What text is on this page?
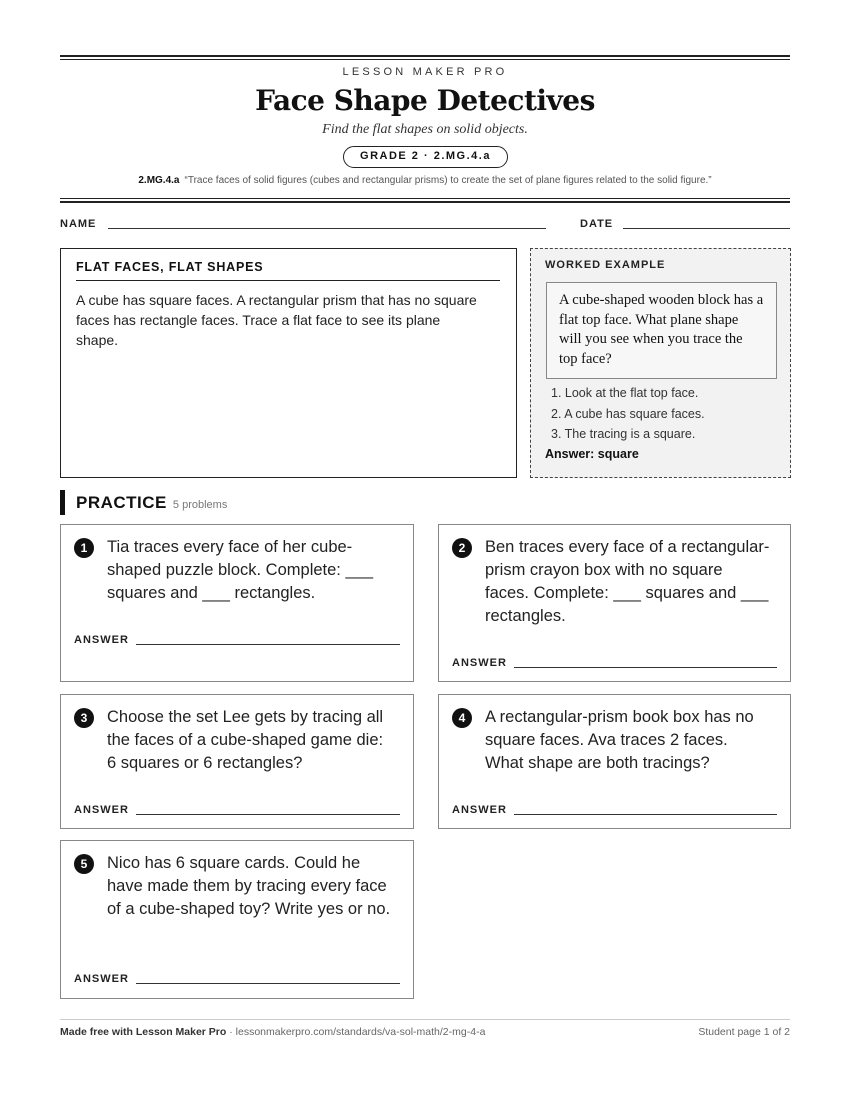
LESSON MAKER PRO
Face Shape Detectives
Find the flat shapes on solid objects.
GRADE 2 · 2.MG.4.a
2.MG.4.a “Trace faces of solid figures (cubes and rectangular prisms) to create the set of plane figures related to the solid figure.”
NAME	DATE
FLAT FACES, FLAT SHAPES
A cube has square faces. A rectangular prism that has no square faces has rectangle faces. Trace a flat face to see its plane shape.
WORKED EXAMPLE
A cube-shaped wooden block has a flat top face. What plane shape will you see when you trace the top face?
1. Look at the flat top face.
2. A cube has square faces.
3. The tracing is a square.
Answer: square
PRACTICE 5 problems
1	Tia traces every face of her cube-shaped puzzle block. Complete: ___ squares and ___ rectangles.
ANSWER
2	Ben traces every face of a rectangular-prism crayon box with no square faces. Complete: ___ squares and ___ rectangles.
ANSWER
3	Choose the set Lee gets by tracing all the faces of a cube-shaped game die: 6 squares or 6 rectangles?
ANSWER
4	A rectangular-prism book box has no square faces. Ava traces 2 faces. What shape are both tracings?
ANSWER
5	Nico has 6 square cards. Could he have made them by tracing every face of a cube-shaped toy? Write yes or no.
ANSWER
Made free with Lesson Maker Pro · lessonmakerpro.com/standards/va-sol-math/2-mg-4-a	Student page 1 of 2
